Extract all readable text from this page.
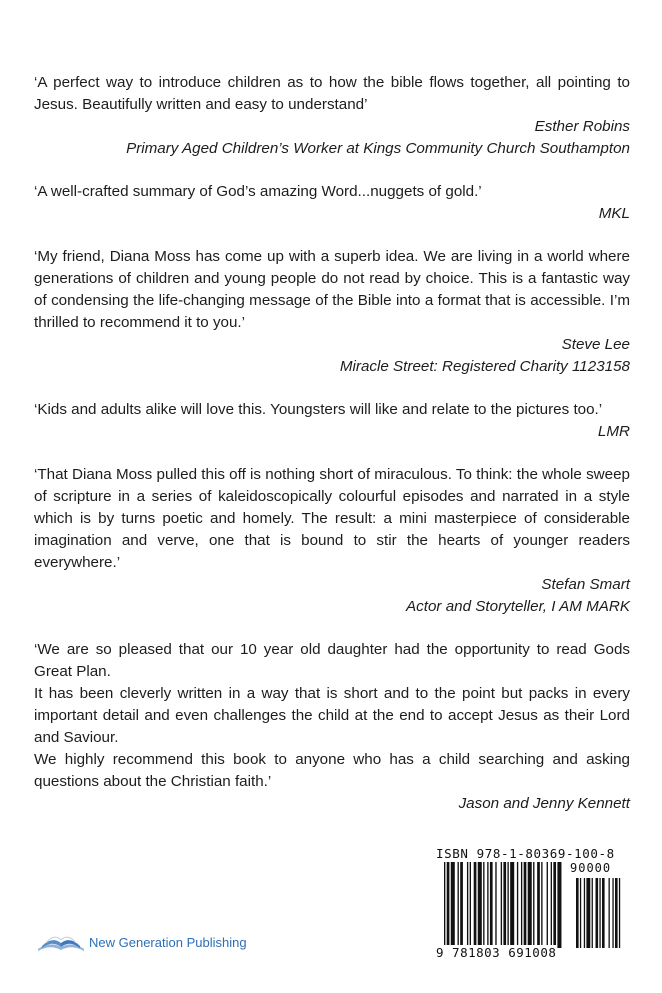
‘A perfect way to introduce children as to how the bible flows together, all pointing to Jesus. Beautifully written and easy to understand’
Esther Robins
Primary Aged Children’s Worker at Kings Community Church Southampton
‘A well-crafted summary of God’s amazing Word...nuggets of gold.’
MKL
‘My friend, Diana Moss has come up with a superb idea. We are living in a world where generations of children and young people do not read by choice. This is a fantastic way of condensing the life-changing message of the Bible into a format that is accessible. I’m thrilled to recommend it to you.’
Steve Lee
Miracle Street: Registered Charity 1123158
‘Kids and adults alike will love this. Youngsters will like and relate to the pictures too.’
LMR
‘That Diana Moss pulled this off is nothing short of miraculous. To think: the whole sweep of scripture in a series of kaleidoscopically colourful episodes and narrated in a style which is by turns poetic and homely. The result: a mini masterpiece of considerable imagination and verve, one that is bound to stir the hearts of younger readers everywhere.’
Stefan Smart
Actor and Storyteller, I AM MARK
‘We are so pleased that our 10 year old daughter had the opportunity to read Gods Great Plan.
It has been cleverly written in a way that is short and to the point but packs in every important detail and even challenges the child at the end to accept Jesus as their Lord and Saviour.
We highly recommend this book to anyone who has a child searching and asking questions about the Christian faith.’
Jason and Jenny Kennett
ISBN 978-1-80369-100-8
90000
9 781803 691008
New Generation Publishing
